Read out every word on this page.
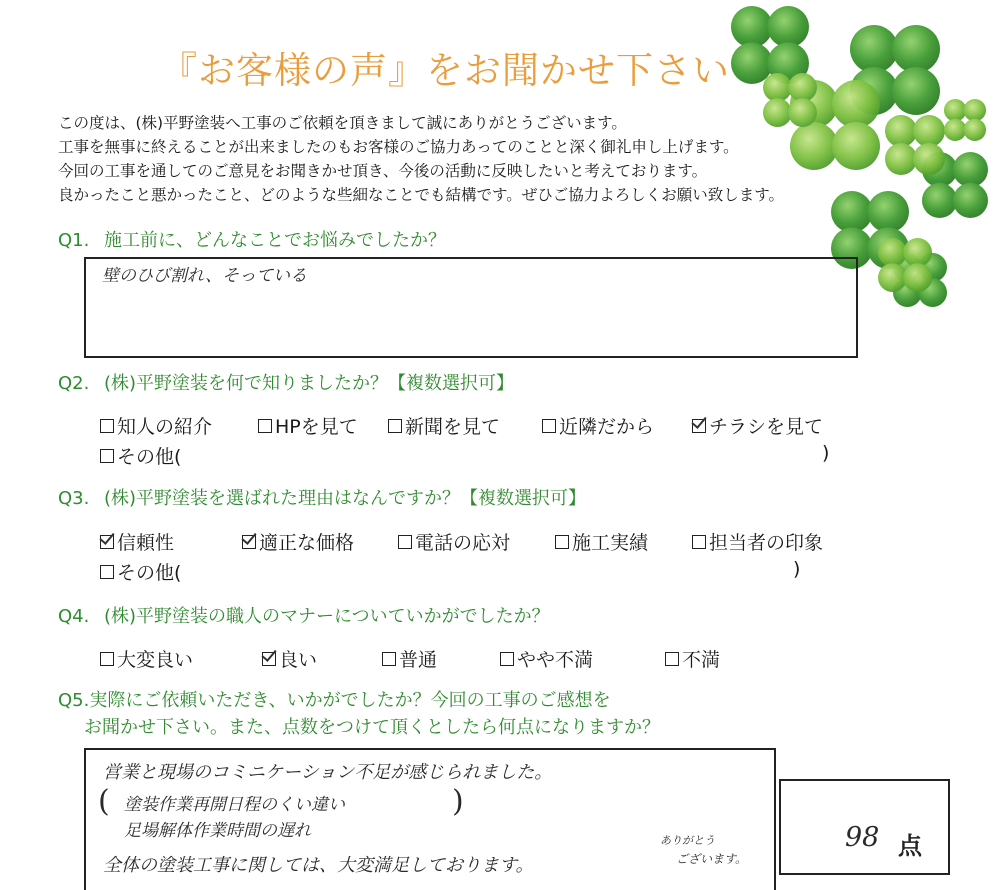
『お客様の声』をお聞かせ下さい
この度は、(株)平野塗装へ工事のご依頼を頂きまして誠にありがとうございます。
工事を無事に終えることが出来ましたのもお客様のご協力あってのことと深く御礼申し上げます。
今回の工事を通してのご意見をお聞きかせ頂き、今後の活動に反映したいと考えております。
良かったこと悪かったこと、どのような些細なことでも結構です。ぜひご協力よろしくお願い致します。
Q1. 施工前に、どんなことでお悩みでしたか？
壁のひび割れ、そっている
Q2. (株)平野塗装を何で知りましたか？【複数選択可】
知人の紹介	HPを見て 新聞を見て	近隣だから	チラシを見て
その他(	)
Q3. (株)平野塗装を選ばれた理由はなんですか？【複数選択可】
信頼性	適正な価格	電話の応対	施工実績	担当者の印象
その他(	)
Q4. (株)平野塗装の職人のマナーについていかがでしたか？
大変良い	良い	普通	やや不満	不満
Q5.実際にご依頼いただき、いかがでしたか？今回の工事のご感想を
お聞かせ下さい。また、点数をつけて頂くとしたら何点になりますか？
営業と現場のコミニケーション不足が感じられました。
(	)
塗装作業再開日程のくい違い
足場解体作業時間の遅れ
全体の塗装工事に関しては、大変満足しております。
ありがとう
ございます。
98 点
